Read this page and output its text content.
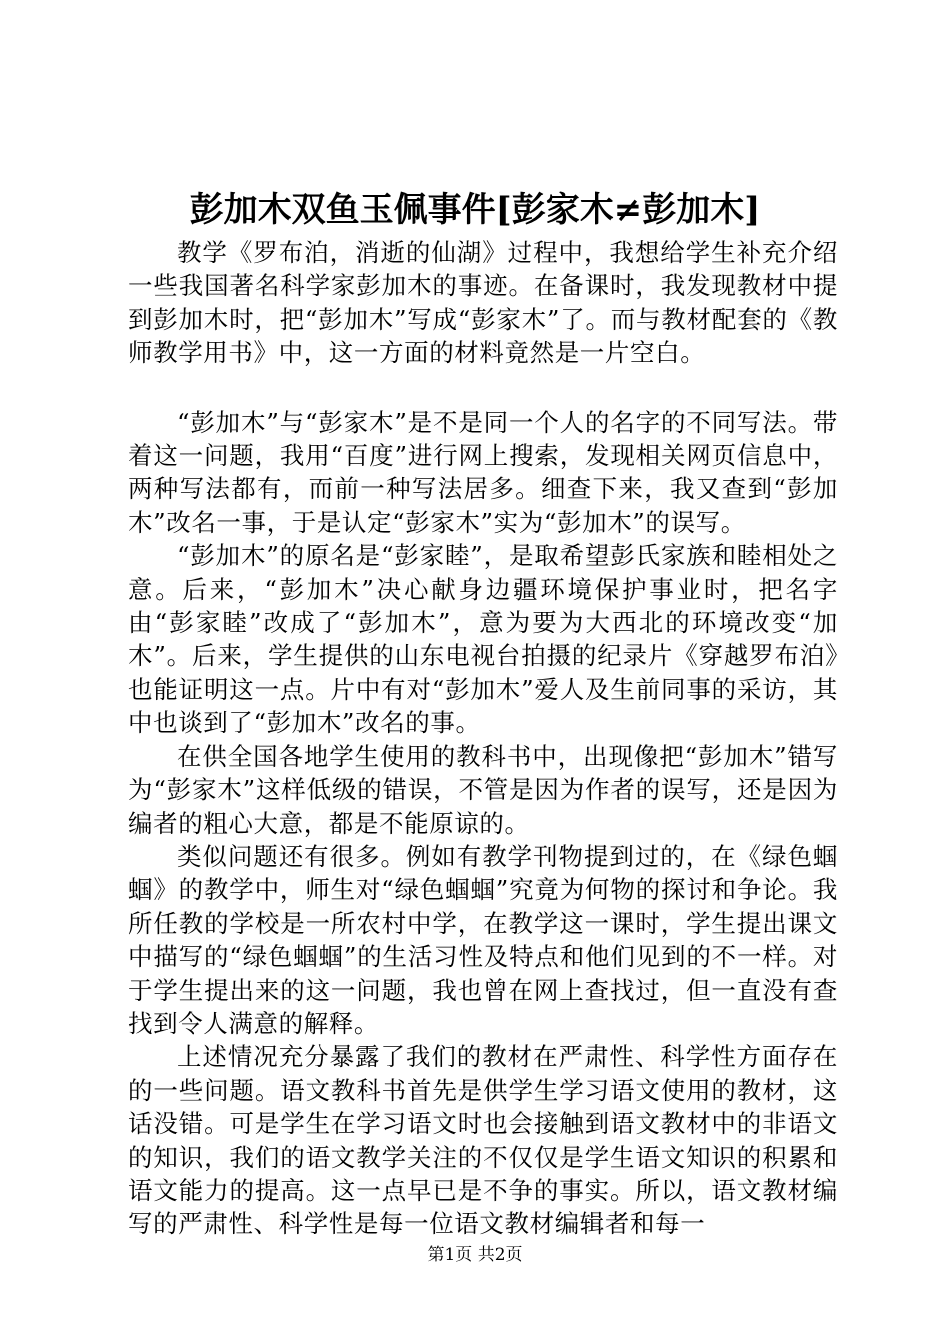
彭加木双鱼玉佩事件[彭家木≠彭加木]

教学《罗布泊，消逝的仙湖》过程中，我想给学生补充介绍一些我国著名科学家彭加木的事迹。在备课时，我发现教材中提到彭加木时，把“彭加木”写成“彭家木”了。而与教材配套的《教师教学用书》中，这一方面的材料竟然是一片空白。

“彭加木”与“彭家木”是不是同一个人的名字的不同写法。带着这一问题，我用“百度”进行网上搜索，发现相关网页信息中，两种写法都有，而前一种写法居多。细查下来，我又查到“彭加木”改名一事，于是认定“彭家木”实为“彭加木”的误写。

“彭加木”的原名是“彭家睦”，是取希望彭氏家族和睦相处之意。后来，“彭加木”决心献身边疆环境保护事业时，把名字由“彭家睦”改成了“彭加木”，意为要为大西北的环境改变“加木”。后来，学生提供的山东电视台拍摄的纪录片《穿越罗布泊》也能证明这一点。片中有对“彭加木”爱人及生前同事的采访，其中也谈到了“彭加木”改名的事。

在供全国各地学生使用的教科书中，出现像把“彭加木”错写为“彭家木”这样低级的错误，不管是因为作者的误写，还是因为编者的粗心大意，都是不能原谅的。

类似问题还有很多。例如有教学刊物提到过的，在《绿色蝈蝈》的教学中，师生对“绿色蝈蝈”究竟为何物的探讨和争论。我所任教的学校是一所农村中学，在教学这一课时，学生提出课文中描写的“绿色蝈蝈”的生活习性及特点和他们见到的不一样。对于学生提出来的这一问题，我也曾在网上查找过，但一直没有查找到令人满意的解释。

上述情况充分暴露了我们的教材在严肃性、科学性方面存在的一些问题。语文教科书首先是供学生学习语文使用的教材，这话没错。可是学生在学习语文时也会接触到语文教材中的非语文的知识，我们的语文教学关注的不仅仅是学生语文知识的积累和语文能力的提高。这一点早已是不争的事实。所以，语文教材编写的严肃性、科学性是每一位语文教材编辑者和每一

第1页 共2页
